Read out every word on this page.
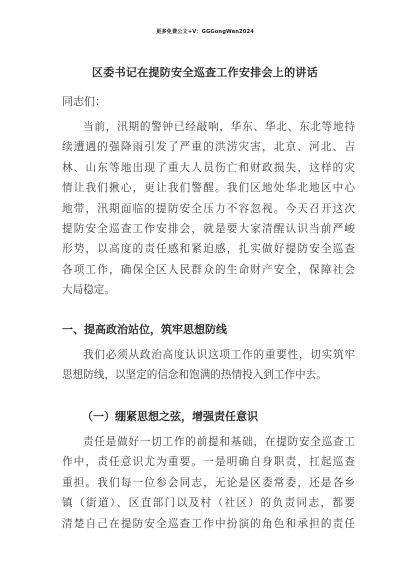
更多免费公文+V：GGGongWen2024
区委书记在提防安全巡查工作安排会上的讲话
同志们：
当前，汛期的警钟已经敲响，华东、华北、东北等地持
续遭遇的强降雨引发了严重的洪涝灾害，北京、河北、吉
林、山东等地出现了重大人员伤亡和财政损失，这样的灾
情让我们揪心，更让我们警醒。我们区地处华北地区中心
地带，汛期面临的提防安全压力不容忽视。今天召开这次
提防安全巡查工作安排会，就是要大家清醒认识当前严峻
形势，以高度的责任感和紧迫感，扎实做好提防安全巡查
各项工作，确保全区人民群众的生命财产安全，保障社会
大局稳定。
一、提高政治站位，筑牢思想防线
我们必须从政治高度认识这项工作的重要性，切实筑牢
思想防线，以坚定的信念和饱满的热情投入到工作中去。
（一）绷紧思想之弦，增强责任意识
责任是做好一切工作的前提和基础，在提防安全巡查工
作中，责任意识尤为重要。一是明确自身职责，扛起巡查
重担。我们每一位参会同志，无论是区委常委，还是各乡
镇（街道）、区直部门以及村（社区）的负责同志，都要
清楚自己在提防安全巡查工作中扮演的角色和承担的责任
